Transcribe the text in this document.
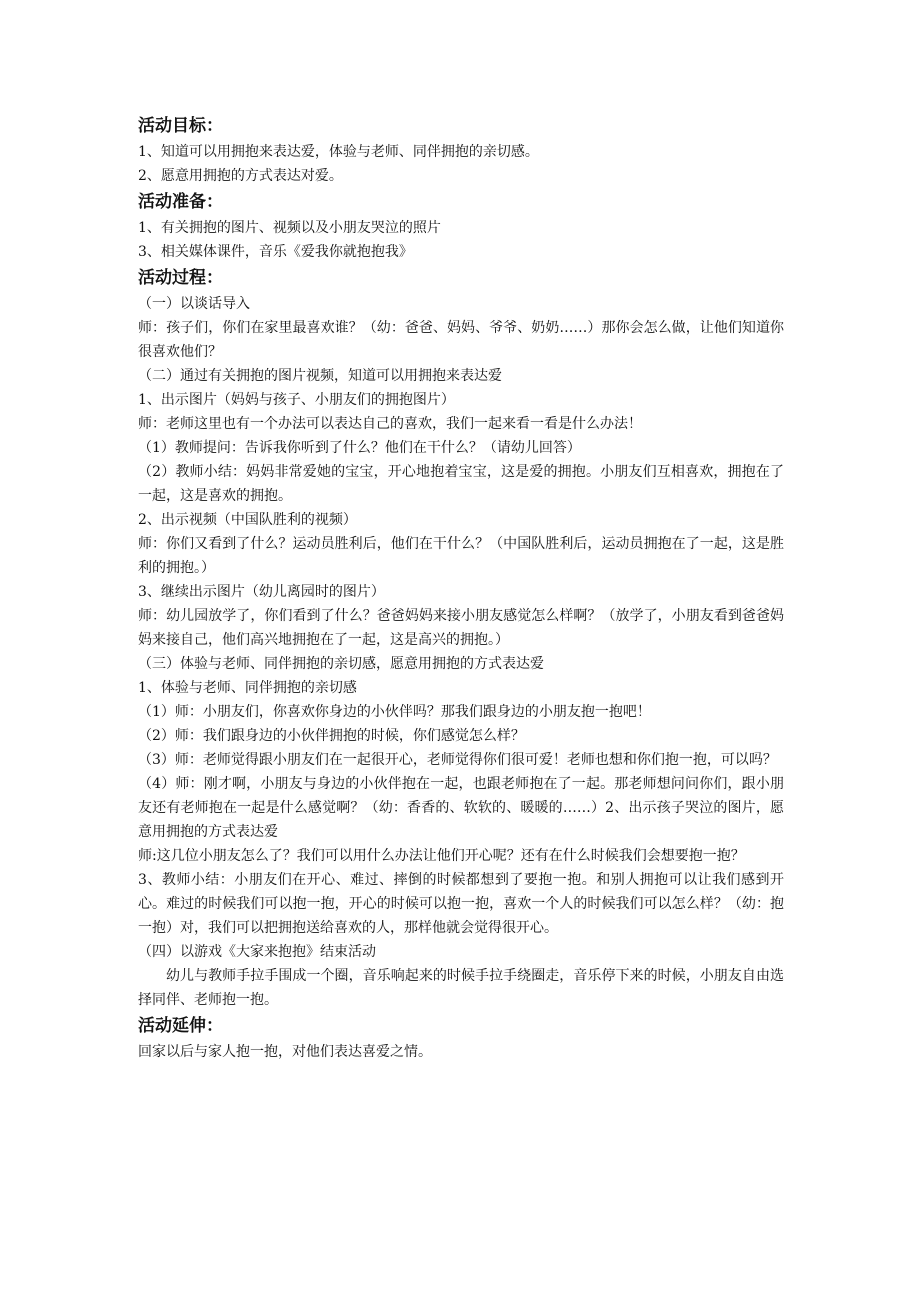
活动目标：

1、知道可以用拥抱来表达爱，体验与老师、同伴拥抱的亲切感。

2、愿意用拥抱的方式表达对爱。

活动准备：

1、有关拥抱的图片、视频以及小朋友哭泣的照片

3、相关媒体课件，音乐《爱我你就抱抱我》

活动过程：

（一）以谈话导入

师：孩子们，你们在家里最喜欢谁？（幼：爸爸、妈妈、爷爷、奶奶……）那你会怎么做，让他们知道你很喜欢他们？

（二）通过有关拥抱的图片视频，知道可以用拥抱来表达爱

1、出示图片（妈妈与孩子、小朋友们的拥抱图片）

师：老师这里也有一个办法可以表达自己的喜欢，我们一起来看一看是什么办法！

（1）教师提问：告诉我你听到了什么？他们在干什么？（请幼儿回答）

（2）教师小结：妈妈非常爱她的宝宝，开心地抱着宝宝，这是爱的拥抱。小朋友们互相喜欢，拥抱在了一起，这是喜欢的拥抱。

2、出示视频（中国队胜利的视频）

师：你们又看到了什么？运动员胜利后，他们在干什么？（中国队胜利后，运动员拥抱在了一起，这是胜利的拥抱。）

3、继续出示图片（幼儿离园时的图片）

师：幼儿园放学了，你们看到了什么？爸爸妈妈来接小朋友感觉怎么样啊？（放学了，小朋友看到爸爸妈妈来接自己，他们高兴地拥抱在了一起，这是高兴的拥抱。）

（三）体验与老师、同伴拥抱的亲切感，愿意用拥抱的方式表达爱

1、体验与老师、同伴拥抱的亲切感

（1）师：小朋友们，你喜欢你身边的小伙伴吗？那我们跟身边的小朋友抱一抱吧！

（2）师：我们跟身边的小伙伴拥抱的时候，你们感觉怎么样？

（3）师：老师觉得跟小朋友们在一起很开心，老师觉得你们很可爱！老师也想和你们抱一抱，可以吗？

（4）师：刚才啊，小朋友与身边的小伙伴抱在一起，也跟老师抱在了一起。那老师想问问你们，跟小朋友还有老师抱在一起是什么感觉啊？（幼：香香的、软软的、暖暖的……）2、出示孩子哭泣的图片，愿意用拥抱的方式表达爱

师:这几位小朋友怎么了？我们可以用什么办法让他们开心呢？还有在什么时候我们会想要抱一抱？

3、教师小结：小朋友们在开心、难过、摔倒的时候都想到了要抱一抱。和别人拥抱可以让我们感到开心。难过的时候我们可以抱一抱，开心的时候可以抱一抱，喜欢一个人的时候我们可以怎么样？（幼：抱一抱）对，我们可以把拥抱送给喜欢的人，那样他就会觉得很开心。

（四）以游戏《大家来抱抱》结束活动

幼儿与教师手拉手围成一个圈，音乐响起来的时候手拉手绕圈走，音乐停下来的时候，小朋友自由选择同伴、老师抱一抱。

活动延伸：

回家以后与家人抱一抱，对他们表达喜爱之情。
